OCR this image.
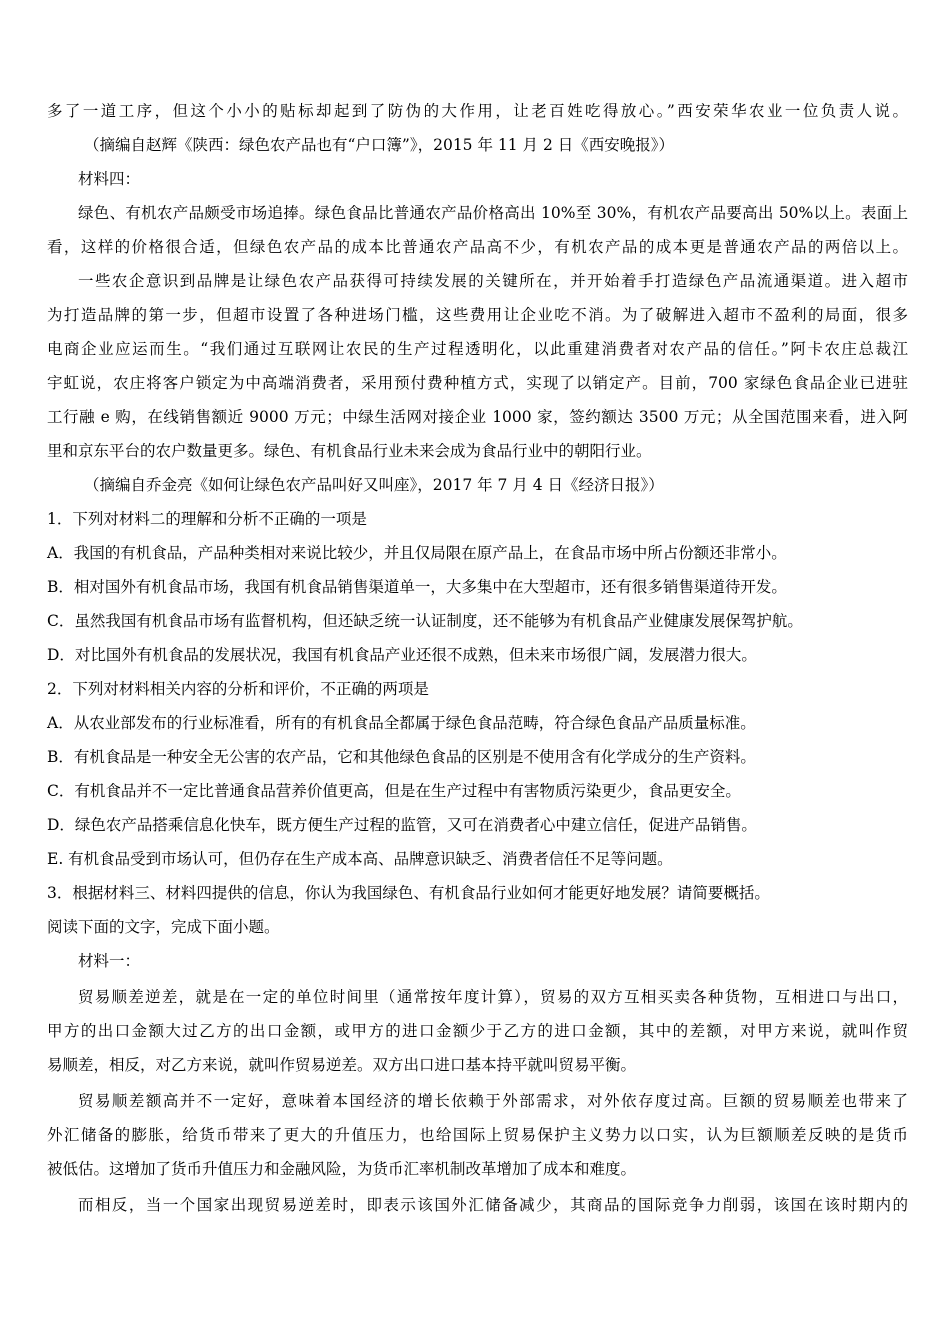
多了一道工序，但这个小小的贴标却起到了防伪的大作用，让老百姓吃得放心。”西安荣华农业一位负责人说。
（摘编自赵辉《陕西：绿色农产品也有“户口簿”》，2015 年 11 月 2 日《西安晚报》）
材料四：
绿色、有机农产品颇受市场追捧。绿色食品比普通农产品价格高出 10%至 30%，有机农产品要高出 50%以上。表面上
看，这样的价格很合适，但绿色农产品的成本比普通农产品高不少，有机农产品的成本更是普通农产品的两倍以上。
一些农企意识到品牌是让绿色农产品获得可持续发展的关键所在，并开始着手打造绿色产品流通渠道。进入超市
为打造品牌的第一步，但超市设置了各种进场门槛，这些费用让企业吃不消。为了破解进入超市不盈利的局面，很多
电商企业应运而生。“我们通过互联网让农民的生产过程透明化，以此重建消费者对农产品的信任。”阿卡农庄总裁江
宇虹说，农庄将客户锁定为中高端消费者，采用预付费种植方式，实现了以销定产。目前，700 家绿色食品企业已进驻
工行融 e 购，在线销售额近 9000 万元；中绿生活网对接企业 1000 家，签约额达 3500 万元；从全国范围来看，进入阿
里和京东平台的农户数量更多。绿色、有机食品行业未来会成为食品行业中的朝阳行业。
（摘编自乔金亮《如何让绿色农产品叫好又叫座》，2017 年 7 月 4 日《经济日报》）
1．下列对材料二的理解和分析不正确的一项是
A．我国的有机食品，产品种类相对来说比较少，并且仅局限在原产品上，在食品市场中所占份额还非常小。
B．相对国外有机食品市场，我国有机食品销售渠道单一，大多集中在大型超市，还有很多销售渠道待开发。
C．虽然我国有机食品市场有监督机构，但还缺乏统一认证制度，还不能够为有机食品产业健康发展保驾护航。
D．对比国外有机食品的发展状况，我国有机食品产业还很不成熟，但未来市场很广阔，发展潜力很大。
2．下列对材料相关内容的分析和评价，不正确的两项是
A．从农业部发布的行业标准看，所有的有机食品全都属于绿色食品范畴，符合绿色食品产品质量标准。
B．有机食品是一种安全无公害的农产品，它和其他绿色食品的区别是不使用含有化学成分的生产资料。
C．有机食品并不一定比普通食品营养价值更高，但是在生产过程中有害物质污染更少，食品更安全。
D．绿色农产品搭乘信息化快车，既方便生产过程的监管，又可在消费者心中建立信任，促进产品销售。
E. 有机食品受到市场认可，但仍存在生产成本高、品牌意识缺乏、消费者信任不足等问题。
3．根据材料三、材料四提供的信息，你认为我国绿色、有机食品行业如何才能更好地发展？请简要概括。
阅读下面的文字，完成下面小题。
材料一：
贸易顺差逆差，就是在一定的单位时间里（通常按年度计算），贸易的双方互相买卖各种货物，互相进口与出口，
甲方的出口金额大过乙方的出口金额，或甲方的进口金额少于乙方的进口金额，其中的差额，对甲方来说，就叫作贸
易顺差，相反，对乙方来说，就叫作贸易逆差。双方出口进口基本持平就叫贸易平衡。
贸易顺差额高并不一定好，意味着本国经济的增长依赖于外部需求，对外依存度过高。巨额的贸易顺差也带来了
外汇储备的膨胀，给货币带来了更大的升值压力，也给国际上贸易保护主义势力以口实，认为巨额顺差反映的是货币
被低估。这增加了货币升值压力和金融风险，为货币汇率机制改革增加了成本和难度。
而相反，当一个国家出现贸易逆差时，即表示该国外汇储备减少，其商品的国际竞争力削弱，该国在该时期内的
